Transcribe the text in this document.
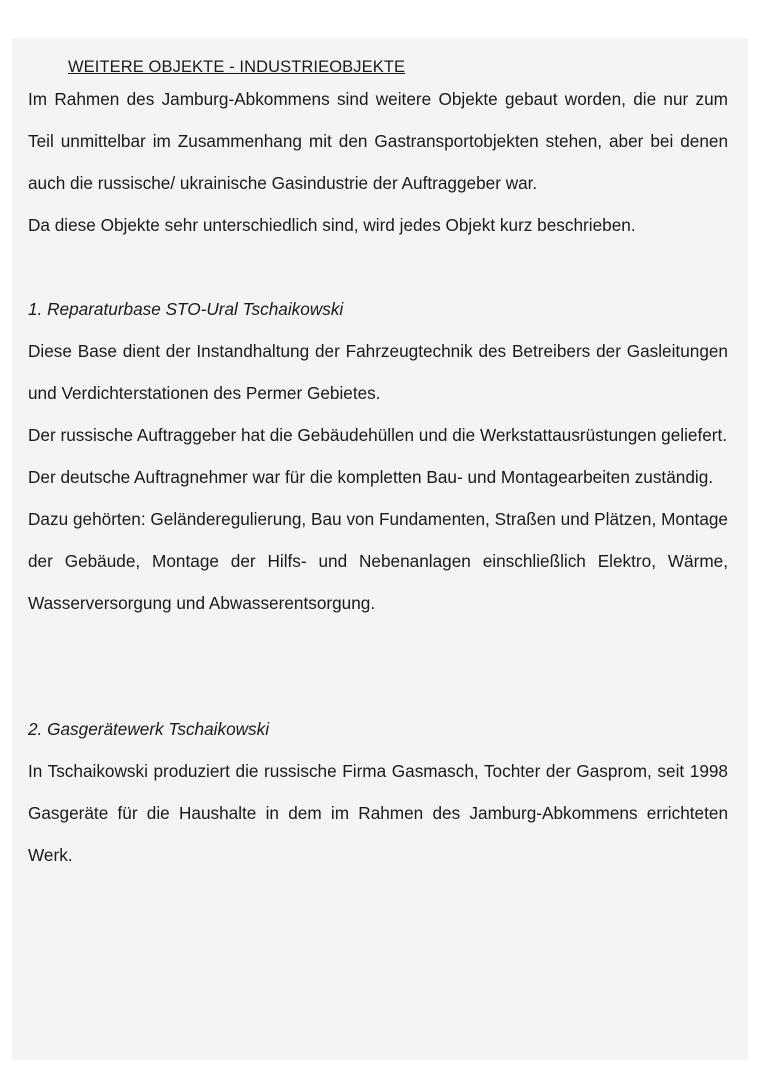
WEITERE OBJEKTE - INDUSTRIEOBJEKTE

Im Rahmen des Jamburg-Abkommens sind weitere Objekte gebaut worden, die nur zum Teil unmittelbar im Zusammenhang mit den Gastransportobjekten stehen, aber bei denen auch die russische/ ukrainische Gasindustrie der Auftraggeber war.

Da diese Objekte sehr unterschiedlich sind, wird jedes Objekt kurz beschrieben.

1. Reparaturbase STO-Ural Tschaikowski

Diese Base dient der Instandhaltung der Fahrzeugtechnik des Betreibers der Gasleitungen und Verdichterstationen des Permer Gebietes.

Der russische Auftraggeber hat die Gebäudehüllen und die Werkstattausrüstungen geliefert.

Der deutsche Auftragnehmer war für die kompletten Bau- und Montagearbeiten zuständig.

Dazu gehörten: Geländeregulierung, Bau von Fundamenten, Straßen und Plätzen, Montage der Gebäude, Montage der Hilfs- und Nebenanlagen einschließlich Elektro, Wärme, Wasserversorgung und Abwasserentsorgung.

2. Gasgerätewerk Tschaikowski

In Tschaikowski produziert die russische Firma Gasmasch, Tochter der Gasprom, seit 1998 Gasgeräte für die Haushalte in dem im Rahmen des Jamburg-Abkommens errichteten Werk.
